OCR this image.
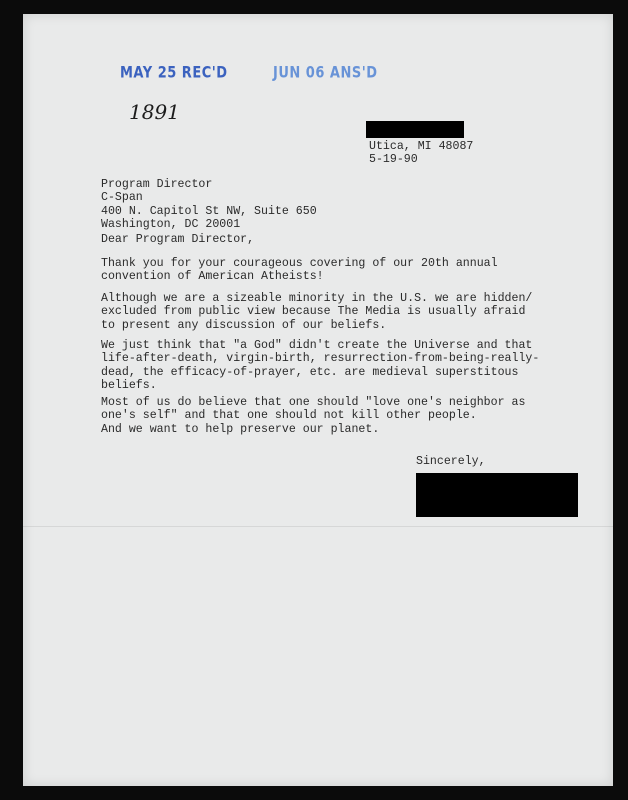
MAY 25 REC'D	JUN 06 ANS'D
1891
Utica, MI 48087
5-19-90
Program Director
C-Span
400 N. Capitol St NW, Suite 650
Washington, DC 20001
Dear Program Director,
Thank you for your courageous covering of our 20th annual
convention of American Atheists!
Although we are a sizeable minority in the U.S. we are hidden/
excluded from public view because The Media is usually afraid
to present any discussion of our beliefs.
We just think that "a God" didn't create the Universe and that
life-after-death, virgin-birth, resurrection-from-being-really-
dead, the efficacy-of-prayer, etc. are medieval superstitous
beliefs.
Most of us do believe that one should "love one's neighbor as
one's self" and that one should not kill other people.
And we want to help preserve our planet.
Sincerely,
